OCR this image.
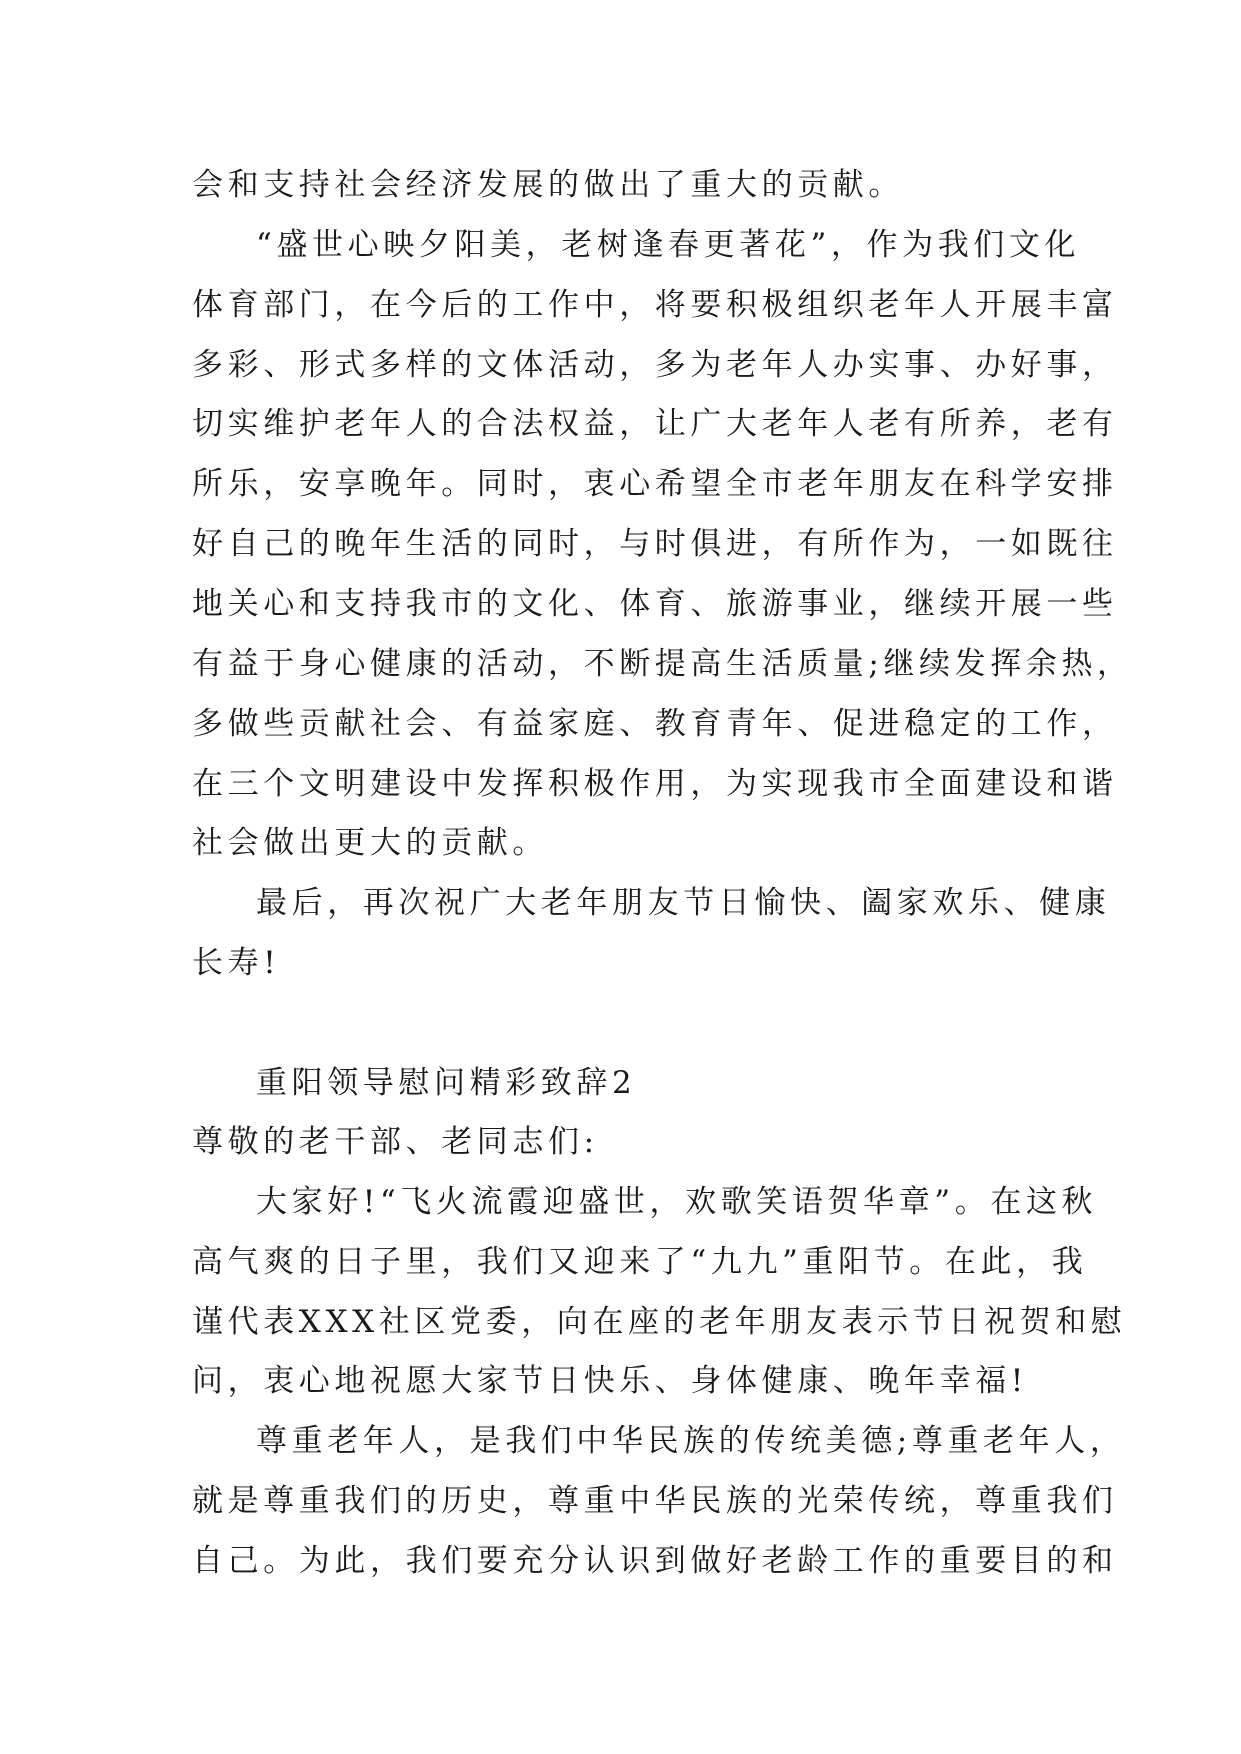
会和支持社会经济发展的做出了重大的贡献。
“盛世心映夕阳美，老树逢春更著花”，作为我们文化
体育部门，在今后的工作中，将要积极组织老年人开展丰富
多彩、形式多样的文体活动，多为老年人办实事、办好事，
切实维护老年人的合法权益，让广大老年人老有所养，老有
所乐，安享晚年。同时，衷心希望全市老年朋友在科学安排
好自己的晚年生活的同时，与时俱进，有所作为，一如既往
地关心和支持我市的文化、体育、旅游事业，继续开展一些
有益于身心健康的活动，不断提高生活质量;继续发挥余热，
多做些贡献社会、有益家庭、教育青年、促进稳定的工作，
在三个文明建设中发挥积极作用，为实现我市全面建设和谐
社会做出更大的贡献。
最后，再次祝广大老年朋友节日愉快、阖家欢乐、健康
长寿!
重阳领导慰问精彩致辞2
尊敬的老干部、老同志们:
大家好!“飞火流霞迎盛世，欢歌笑语贺华章”。在这秋
高气爽的日子里，我们又迎来了“九九”重阳节。在此，我
谨代表XXX社区党委，向在座的老年朋友表示节日祝贺和慰
问，衷心地祝愿大家节日快乐、身体健康、晚年幸福!
尊重老年人，是我们中华民族的传统美德;尊重老年人，
就是尊重我们的历史，尊重中华民族的光荣传统，尊重我们
自己。为此，我们要充分认识到做好老龄工作的重要目的和
